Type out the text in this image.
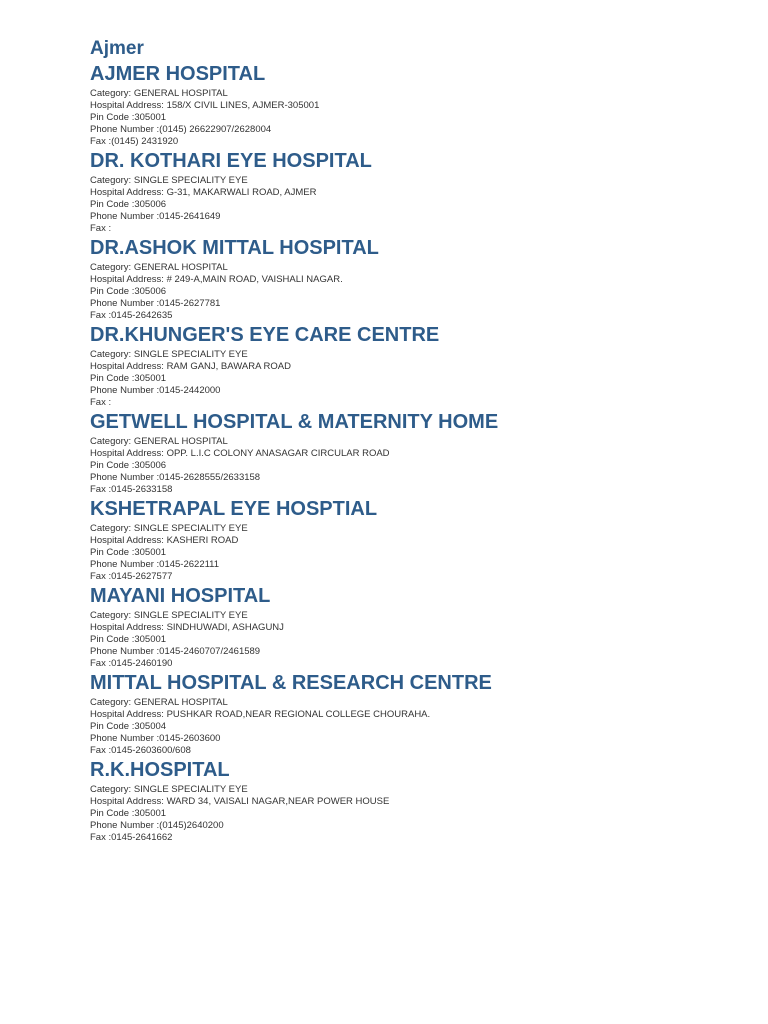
Ajmer
AJMER HOSPITAL
Category: GENERAL HOSPITAL
Hospital Address: 158/X CIVIL LINES, AJMER-305001
Pin Code :305001
Phone Number :(0145) 26622907/2628004
Fax :(0145) 2431920
DR. KOTHARI EYE HOSPITAL
Category: SINGLE SPECIALITY EYE
Hospital Address: G-31, MAKARWALI ROAD, AJMER
Pin Code :305006
Phone Number :0145-2641649
Fax :
DR.ASHOK MITTAL HOSPITAL
Category: GENERAL HOSPITAL
Hospital Address: # 249-A,MAIN ROAD, VAISHALI NAGAR.
Pin Code :305006
Phone Number :0145-2627781
Fax :0145-2642635
DR.KHUNGER'S EYE CARE CENTRE
Category: SINGLE SPECIALITY EYE
Hospital Address: RAM GANJ, BAWARA ROAD
Pin Code :305001
Phone Number :0145-2442000
Fax :
GETWELL HOSPITAL & MATERNITY HOME
Category: GENERAL HOSPITAL
Hospital Address: OPP. L.I.C COLONY ANASAGAR CIRCULAR ROAD
Pin Code :305006
Phone Number :0145-2628555/2633158
Fax :0145-2633158
KSHETRAPAL EYE HOSPTIAL
Category: SINGLE SPECIALITY EYE
Hospital Address: KASHERI ROAD
Pin Code :305001
Phone Number :0145-2622111
Fax :0145-2627577
MAYANI HOSPITAL
Category: SINGLE SPECIALITY EYE
Hospital Address: SINDHUWADI, ASHAGUNJ
Pin Code :305001
Phone Number :0145-2460707/2461589
Fax :0145-2460190
MITTAL HOSPITAL & RESEARCH CENTRE
Category: GENERAL HOSPITAL
Hospital Address: PUSHKAR ROAD,NEAR REGIONAL COLLEGE CHOURAHA.
Pin Code :305004
Phone Number :0145-2603600
Fax :0145-2603600/608
R.K.HOSPITAL
Category: SINGLE SPECIALITY EYE
Hospital Address: WARD 34, VAISALI NAGAR,NEAR POWER HOUSE
Pin Code :305001
Phone Number :(0145)2640200
Fax :0145-2641662
